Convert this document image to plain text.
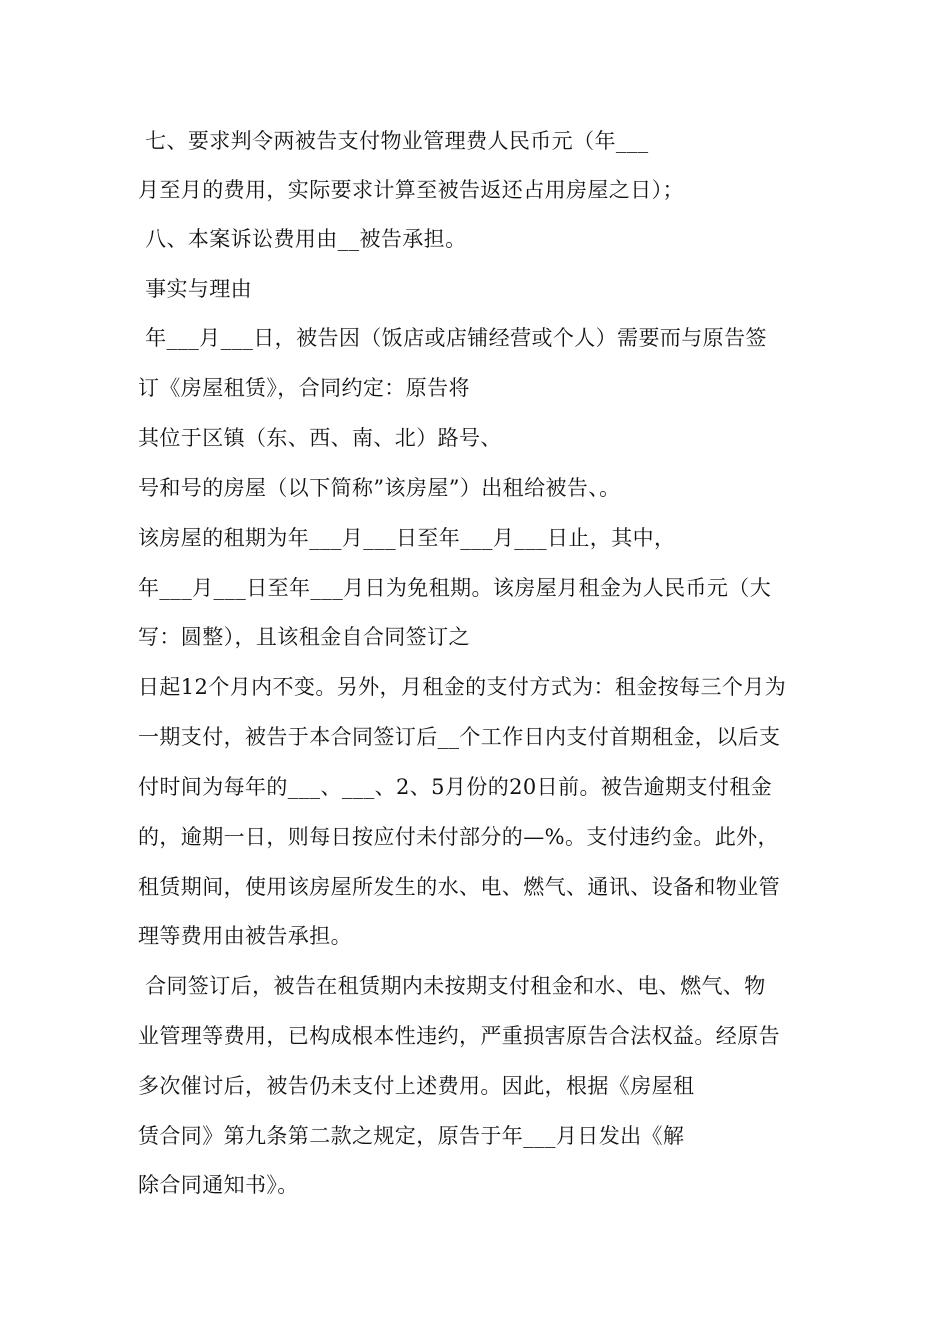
七、要求判令两被告支付物业管理费人民币元（年___

月至月的费用，实际要求计算至被告返还占用房屋之日）；

八、本案诉讼费用由__被告承担。

事实与理由

年___月___日，被告因（饭店或店铺经营或个人）需要而与原告签

订《房屋租赁》，合同约定：原告将

其位于区镇（东、西、南、北）路号、

号和号的房屋（以下简称”该房屋”）出租给被告、。

该房屋的租期为年___月___日至年___月___日止，其中，

年___月___日至年___月日为免租期。该房屋月租金为人民币元（大

写：圆整），且该租金自合同签订之

日起12个月内不变。另外，月租金的支付方式为：租金按每三个月为

一期支付，被告于本合同签订后__个工作日内支付首期租金，以后支

付时间为每年的___、___、2、5月份的20日前。被告逾期支付租金

的，逾期一日，则每日按应付未付部分的—%。支付违约金。此外，

租赁期间，使用该房屋所发生的水、电、燃气、通讯、设备和物业管

理等费用由被告承担。

合同签订后，被告在租赁期内未按期支付租金和水、电、燃气、物

业管理等费用，已构成根本性违约，严重损害原告合法权益。经原告

多次催讨后，被告仍未支付上述费用。因此，根据《房屋租

赁合同》第九条第二款之规定，原告于年___月日发出《解

除合同通知书》。
